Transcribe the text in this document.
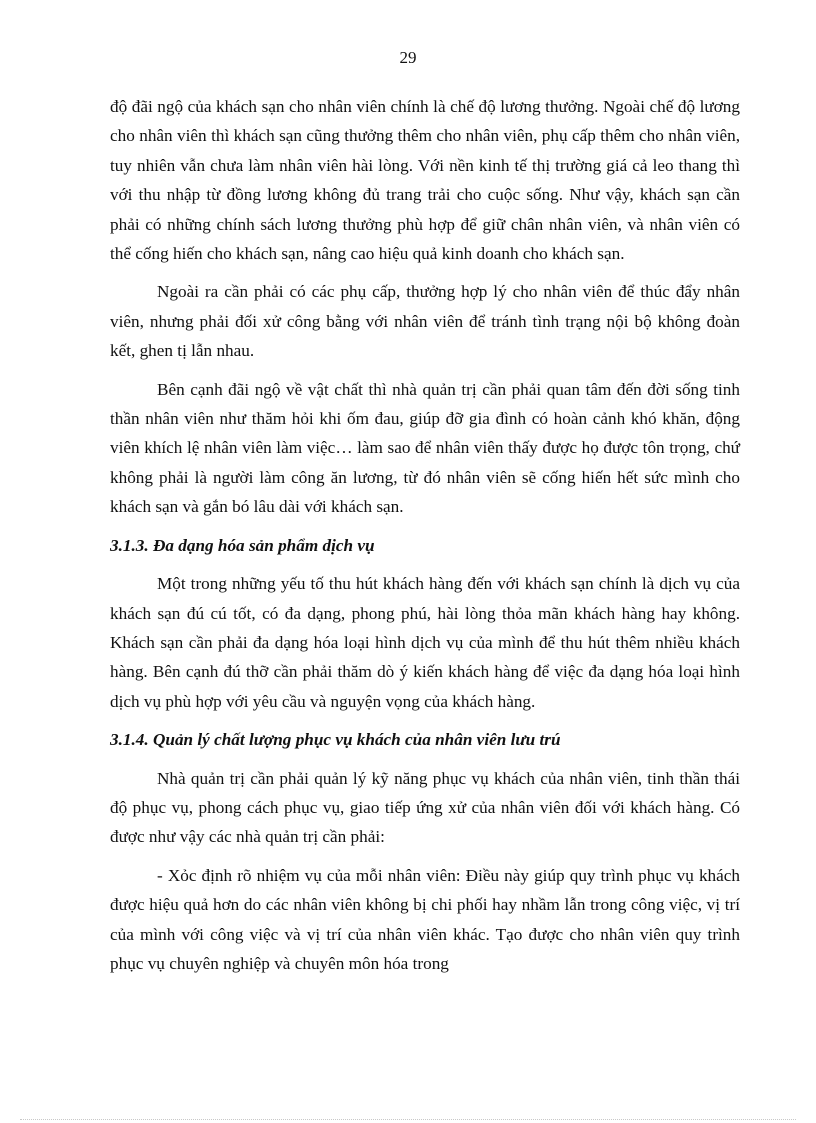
29

độ đãi ngộ của khách sạn cho nhân viên chính là chế độ lương thưởng. Ngoài chế độ lương cho nhân viên thì khách sạn cũng thưởng thêm cho nhân viên, phụ cấp thêm cho nhân viên, tuy nhiên vẫn chưa làm nhân viên hài lòng. Với nền kinh tế thị trường giá cả leo thang thì với thu nhập từ đồng lương không đủ trang trải cho cuộc sống. Như vậy, khách sạn cần phải có những chính sách lương thưởng phù hợp để giữ chân nhân viên, và nhân viên có thể cống hiến cho khách sạn, nâng cao hiệu quả kinh doanh cho khách sạn.

Ngoài ra cần phải có các phụ cấp, thưởng hợp lý cho nhân viên để thúc đẩy nhân viên, nhưng phải đối xử công bằng với nhân viên để tránh tình trạng nội bộ không đoàn kết, ghen tị lẫn nhau.

Bên cạnh đãi ngộ về vật chất thì nhà quản trị cần phải quan tâm đến đời sống tinh thần nhân viên như thăm hỏi khi ốm đau, giúp đỡ gia đình có hoàn cảnh khó khăn, động viên khích lệ nhân viên làm việc… làm sao để nhân viên thấy được họ được tôn trọng, chứ không phải là người làm công ăn lương, từ đó nhân viên sẽ cống hiến hết sức mình cho khách sạn và gắn bó lâu dài với khách sạn.

3.1.3. Đa dạng hóa sản phẩm dịch vụ

Một trong những yếu tố thu hút khách hàng đến với khách sạn chính là dịch vụ của khách sạn đú cú tốt, có đa dạng, phong phú, hài lòng thỏa mãn khách hàng hay không. Khách sạn cần phải đa dạng hóa loại hình dịch vụ của mình để thu hút thêm nhiều khách hàng. Bên cạnh đú thỡ cần phải thăm dò ý kiến khách hàng để việc đa dạng hóa loại hình dịch vụ phù hợp với yêu cầu và nguyện vọng của khách hàng.

3.1.4. Quản lý chất lượng phục vụ khách của nhân viên lưu trú

Nhà quản trị cần phải quản lý kỹ năng phục vụ khách của nhân viên, tinh thần thái độ phục vụ, phong cách phục vụ, giao tiếp ứng xử của nhân viên đối với khách hàng. Có được như vậy các nhà quản trị cần phải:

- Xỏc định rõ nhiệm vụ của mỗi nhân viên: Điều này giúp quy trình phục vụ khách được hiệu quả hơn do các nhân viên không bị chi phối hay nhầm lẫn trong công việc, vị trí của mình với công việc và vị trí của nhân viên khác. Tạo được cho nhân viên quy trình phục vụ chuyên nghiệp và chuyên môn hóa trong
